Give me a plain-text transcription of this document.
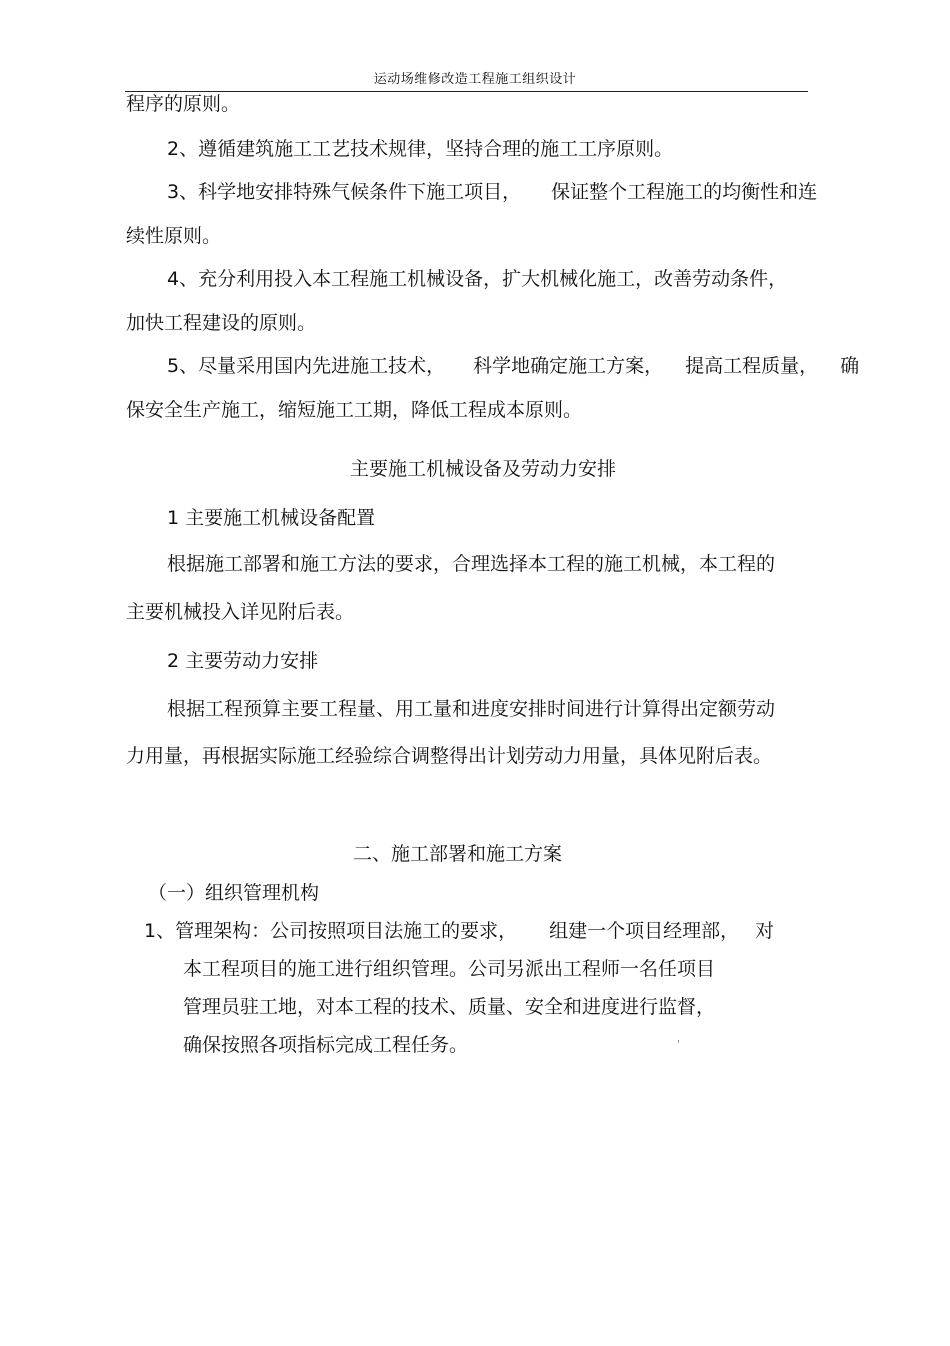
运动场维修改造工程施工组织设计
程序的原则。
2、遵循建筑施工工艺技术规律，坚持合理的施工工序原则。
3、科学地安排特殊气候条件下施工项目， 保证整个工程施工的均衡性和连
续性原则。
4、充分利用投入本工程施工机械设备，扩大机械化施工，改善劳动条件，
加快工程建设的原则。
5、尽量采用国内先进施工技术， 科学地确定施工方案， 提高工程质量， 确
保安全生产施工，缩短施工工期，降低工程成本原则。
主要施工机械设备及劳动力安排
1 主要施工机械设备配置
根据施工部署和施工方法的要求，合理选择本工程的施工机械，本工程的
主要机械投入详见附后表。
2 主要劳动力安排
根据工程预算主要工程量、用工量和进度安排时间进行计算得出定额劳动
力用量，再根据实际施工经验综合调整得出计划劳动力用量，具体见附后表。
二、施工部署和施工方案
（一）组织管理机构
1、管理架构：公司按照项目法施工的要求， 组建一个项目经理部， 对
本工程项目的施工进行组织管理。公司另派出工程师一名任项目
管理员驻工地，对本工程的技术、质量、安全和进度进行监督，
确保按照各项指标完成工程任务。
